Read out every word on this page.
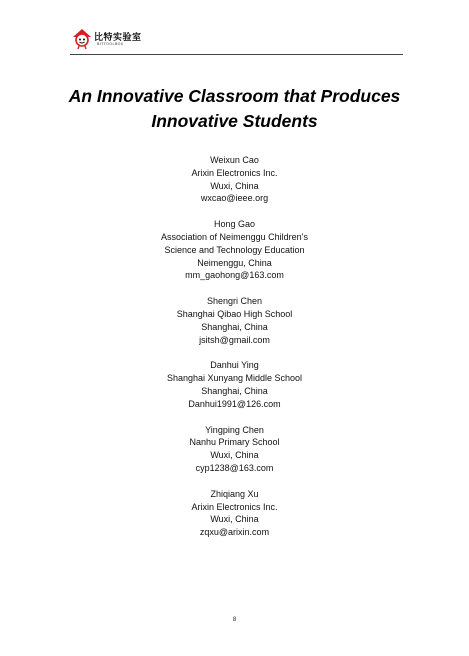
比特实验室
BITTOOLBOX
An Innovative Classroom that Produces
Innovative Students
Weixun Cao
Arixin Electronics Inc.
Wuxi, China
wxcao@ieee.org
Hong Gao
Association of Neimenggu Children’s
Science and Technology Education
Neimenggu, China
mm_gaohong@163.com
Shengri Chen
Shanghai Qibao High School
Shanghai, China
jsitsh@gmail.com
Danhui Ying
Shanghai Xunyang Middle School
Shanghai, China
Danhui1991@126.com
Yingping Chen
Nanhu Primary School
Wuxi, China
cyp1238@163.com
Zhiqiang Xu
Arixin Electronics Inc.
Wuxi, China
zqxu@arixin.com
8
